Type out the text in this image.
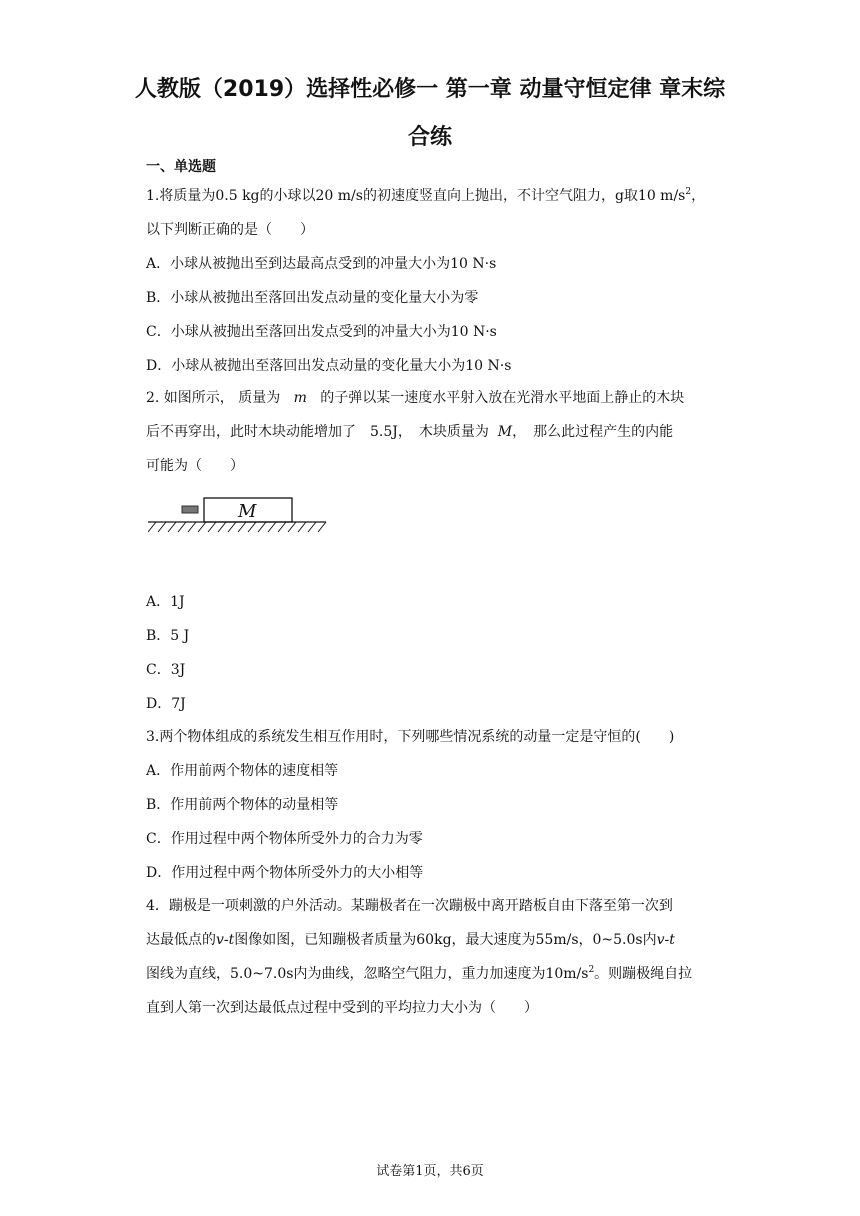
人教版（2019）选择性必修一 第一章 动量守恒定律 章末综
合练
一、单选题
1.将质量为0.5 kg的小球以20 m/s的初速度竖直向上抛出，不计空气阻力，g取10 $m/s^2$，
以下判断正确的是（　　）
A．小球从被抛出至到达最高点受到的冲量大小为10 N·s
B．小球从被抛出至落回出发点动量的变化量大小为零
C．小球从被抛出至落回出发点受到的冲量大小为10 N·s
D．小球从被抛出至落回出发点动量的变化量大小为10 N·s
2. 如图所示， 质量为 m 的子弹以某一速度水平射入放在光滑水平地面上静止的木块
后不再穿出，此时木块动能增加了　5.5J，　木块质量为 M，　那么此过程产生的内能
可能为（　　）
M
A．1J
B．5 J
C．3J
D．7J
3.两个物体组成的系统发生相互作用时，下列哪些情况系统的动量一定是守恒的(　　)
A．作用前两个物体的速度相等
B．作用前两个物体的动量相等
C．作用过程中两个物体所受外力的合力为零
D．作用过程中两个物体所受外力的大小相等
4．蹦极是一项刺激的户外活动。某蹦极者在一次蹦极中离开踏板自由下落至第一次到
达最低点的v-t图像如图，已知蹦极者质量为60kg，最大速度为55m/s，0~5.0s内v-t
图线为直线，5.0~7.0s内为曲线，忽略空气阻力，重力加速度为$10m/s^2$。则蹦极绳自拉
直到人第一次到达最低点过程中受到的平均拉力大小为（　　）
试卷第1页，共6页
